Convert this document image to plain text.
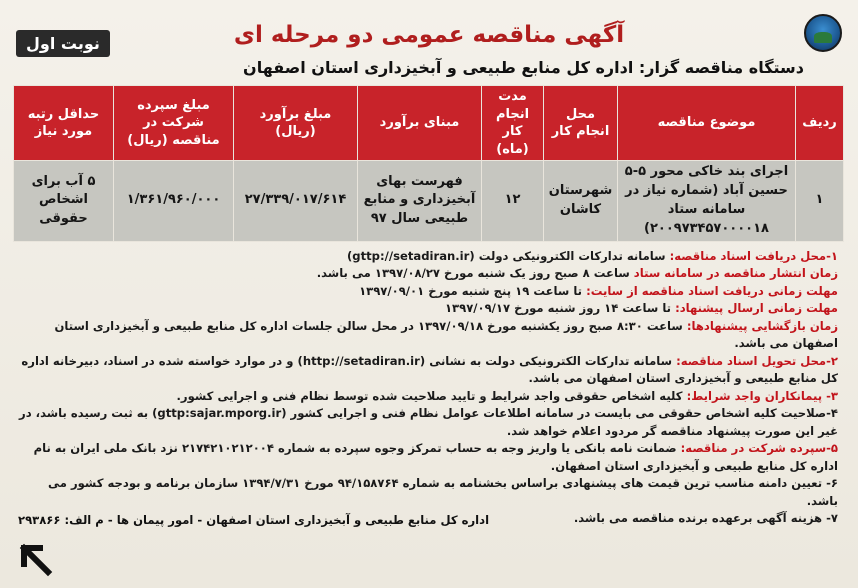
نوبت اول	آگهی مناقصه عمومی دو مرحله ای
دستگاه مناقصه گزار: اداره کل منابع طبیعی و آبخیزداری استان اصفهان
ردیف	موضوع مناقصه	محل انجام کار	مدت انجام کار (ماه)	مبنای برآورد	مبلغ برآورد (ریال)	مبلغ سپرده شرکت در مناقصه (ریال)	حداقل رتبه مورد نیاز
۱	اجرای بند خاکی محور ۵-۵ حسین آباد (شماره نیاز در سامانه ستاد ۲۰۰۹۷۳۴۵۷۰۰۰۰۱۸)	شهرستان کاشان	۱۲	فهرست بهای آبخیزداری و منابع طبیعی سال ۹۷	۲۷/۳۳۹/۰۱۷/۶۱۴	۱/۳۶۱/۹۶۰/۰۰۰	۵ آب برای اشخاص حقوقی

۱-محل دریافت اسناد مناقصه: سامانه تدارکات الکترونیکی دولت (gttp://setadiran.ir)

زمان انتشار مناقصه در سامانه ستاد ساعت ۸ صبح روز یک شنبه مورخ ۱۳۹۷/۰۸/۲۷ می باشد.

مهلت زمانی دریافت اسناد مناقصه از سایت: تا ساعت ۱۹ پنج شنبه مورخ ۱۳۹۷/۰۹/۰۱

مهلت زمانی ارسال پیشنهاد: تا ساعت ۱۴ روز شنبه مورخ ۱۳۹۷/۰۹/۱۷

زمان بازگشایی پیشنهادها: ساعت ۸:۳۰ صبح روز یکشنبه مورخ ۱۳۹۷/۰۹/۱۸ در محل سالن جلسات اداره کل منابع طبیعی و آبخیزداری استان اصفهان می باشد.

۲-محل تحویل اسناد مناقصه: سامانه تدارکات الکترونیکی دولت به نشانی (http://setadiran.ir) و در موارد خواسته شده در اسناد، دبیرخانه اداره کل منابع طبیعی و آبخیزداری استان اصفهان می باشد.

۳- پیمانکاران واجد شرایط: کلیه اشخاص حقوقی واجد شرایط و تایید صلاحیت شده توسط نظام فنی و اجرایی کشور.

۴-صلاحیت کلیه اشخاص حقوقی می بایست در سامانه اطلاعات عوامل نظام فنی و اجرایی کشور (gttp:sajar.mporg.ir) به ثبت رسیده باشد، در غیر این صورت پیشنهاد مناقصه گر مردود اعلام خواهد شد.

۵-سپرده شرکت در مناقصه: ضمانت نامه بانکی یا واریز وجه به حساب تمرکز وجوه سپرده به شماره ۲۱۷۴۲۱۰۲۱۲۰۰۴ نزد بانک ملی ایران به نام اداره کل منابع طبیعی و آبخیزداری استان اصفهان.

۶- تعیین دامنه مناسب ترین قیمت های پیشنهادی براساس بخشنامه به شماره ۹۴/۱۵۸۷۶۴ مورخ ۱۳۹۴/۷/۳۱ سازمان برنامه و بودجه کشور می باشد.

۷- هزینه آگهی برعهده برنده مناقصه می باشد.
اداره کل منابع طبیعی و آبخیزداری استان اصفهان - امور پیمان ها - م الف: ۲۹۳۸۶۶
